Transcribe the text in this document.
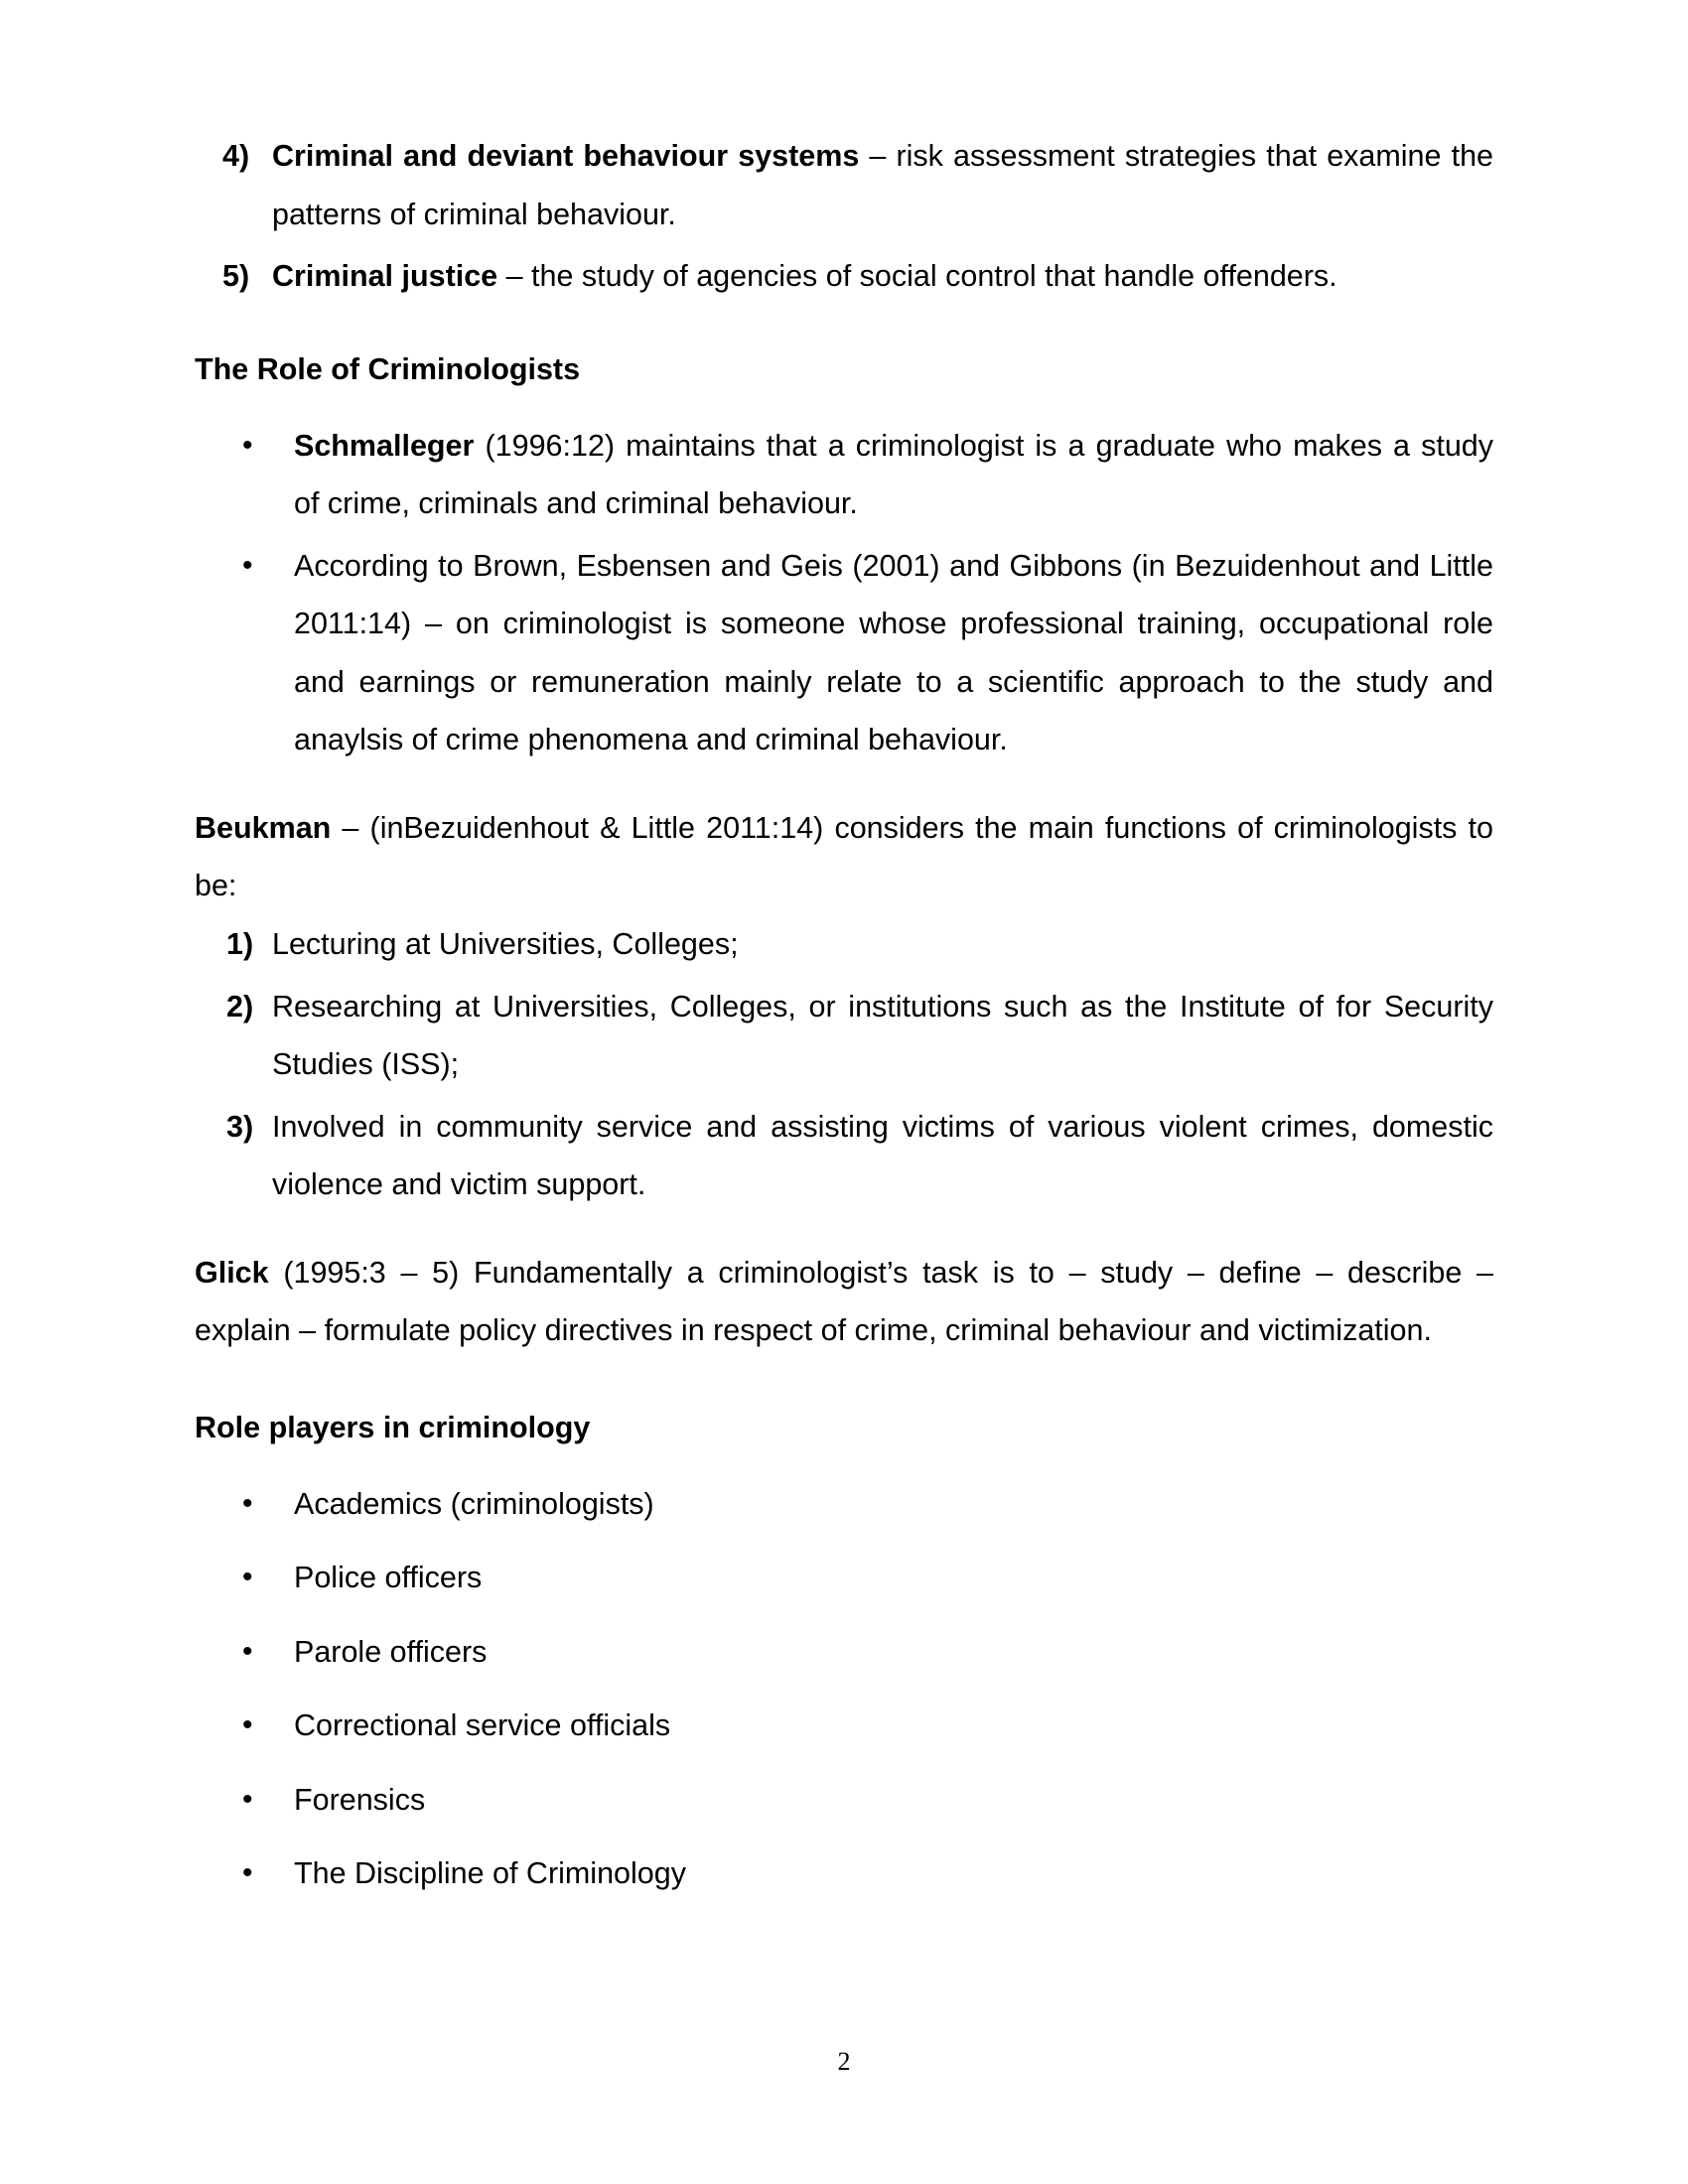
4) Criminal and deviant behaviour systems – risk assessment strategies that examine the patterns of criminal behaviour.
5) Criminal justice – the study of agencies of social control that handle offenders.
The Role of Criminologists
• Schmalleger (1996:12) maintains that a criminologist is a graduate who makes a study of crime, criminals and criminal behaviour.
• According to Brown, Esbensen and Geis (2001) and Gibbons (in Bezuidenhout and Little 2011:14) – on criminologist is someone whose professional training, occupational role and earnings or remuneration mainly relate to a scientific approach to the study and anaylsis of crime phenomena and criminal behaviour.

Beukman – (inBezuidenhout & Little 2011:14) considers the main functions of criminologists to be:

1) Lecturing at Universities, Colleges;
2) Researching at Universities, Colleges, or institutions such as the Institute of for Security Studies (ISS);
3) Involved in community service and assisting victims of various violent crimes, domestic violence and victim support.

Glick (1995:3 – 5) Fundamentally a criminologist’s task is to – study – define – describe – explain – formulate policy directives in respect of crime, criminal behaviour and victimization.

Role players in criminology
• Academics (criminologists)
• Police officers
• Parole officers
• Correctional service officials
• Forensics
• The Discipline of Criminology
2
